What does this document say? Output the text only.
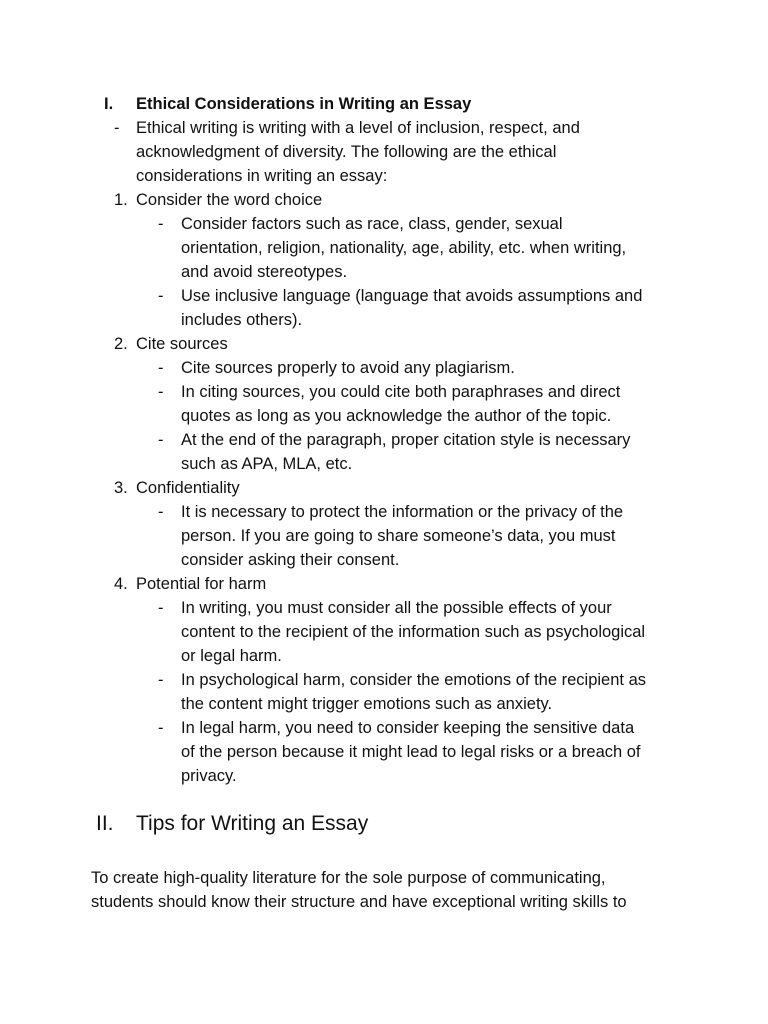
I. Ethical Considerations in Writing an Essay
- Ethical writing is writing with a level of inclusion, respect, and
acknowledgment of diversity. The following are the ethical
considerations in writing an essay:
1. Consider the word choice
- Consider factors such as race, class, gender, sexual
orientation, religion, nationality, age, ability, etc. when writing,
and avoid stereotypes.
- Use inclusive language (language that avoids assumptions and
includes others).
2. Cite sources
- Cite sources properly to avoid any plagiarism.
- In citing sources, you could cite both paraphrases and direct
quotes as long as you acknowledge the author of the topic.
- At the end of the paragraph, proper citation style is necessary
such as APA, MLA, etc.
3. Confidentiality
- It is necessary to protect the information or the privacy of the
person. If you are going to share someone’s data, you must
consider asking their consent.
4. Potential for harm
- In writing, you must consider all the possible effects of your
content to the recipient of the information such as psychological
or legal harm.
- In psychological harm, consider the emotions of the recipient as
the content might trigger emotions such as anxiety.
- In legal harm, you need to consider keeping the sensitive data
of the person because it might lead to legal risks or a breach of
privacy.
II. Tips for Writing an Essay
To create high-quality literature for the sole purpose of communicating,
students should know their structure and have exceptional writing skills to
